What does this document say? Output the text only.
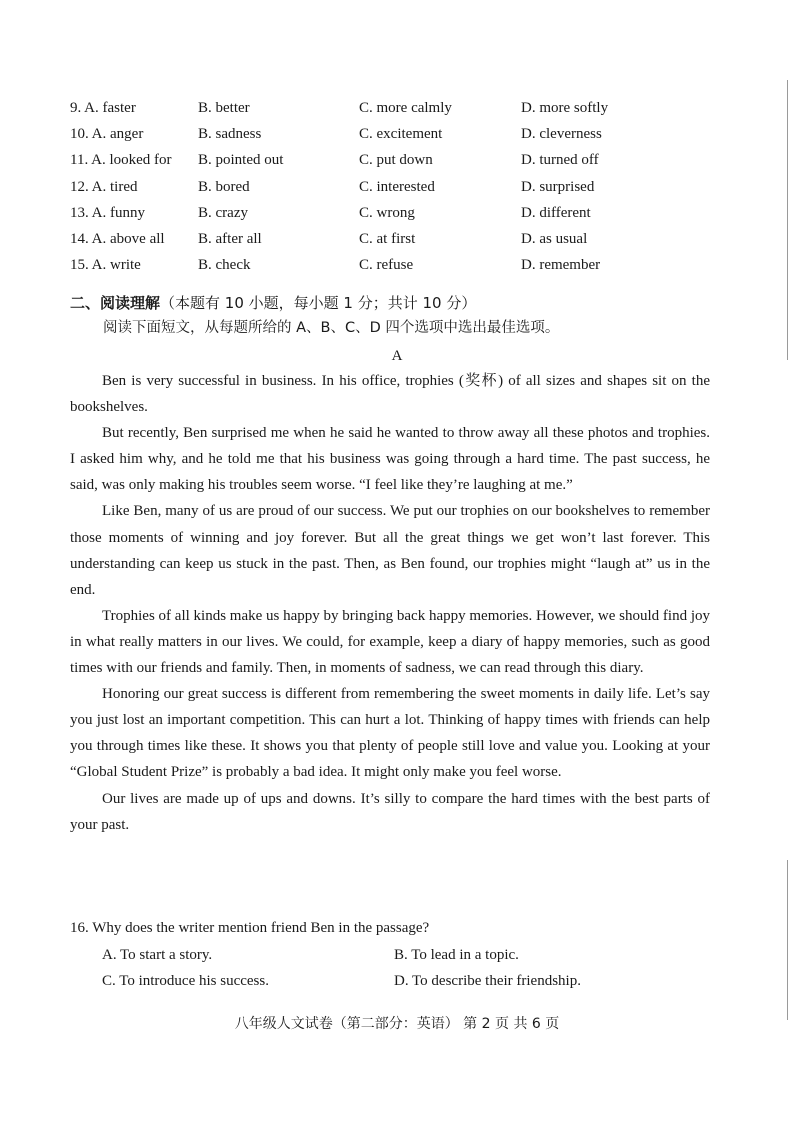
9. A. faster	B. better	C. more calmly	D. more softly
10. A. anger	B. sadness	C. excitement	D. cleverness
11. A. looked for B. pointed out	C. put down	D. turned off
12. A. tired	B. bored	C. interested	D. surprised
13. A. funny	B. crazy	C. wrong	D. different
14. A. above all B. after all	C. at first	D. as usual
15. A. write	B. check	C. refuse	D. remember
二、阅读理解（本题有 10 小题，每小题 1 分；共计 10 分）
阅读下面短文，从每题所给的 A、B、C、D 四个选项中选出最佳选项。
A

Ben is very successful in business. In his office, trophies (奖杯) of all sizes and shapes sit on the bookshelves.

But recently, Ben surprised me when he said he wanted to throw away all these photos and trophies. I asked him why, and he told me that his business was going through a hard time. The past success, he said, was only making his troubles seem worse. “I feel like they’re laughing at me.”

Like Ben, many of us are proud of our success. We put our trophies on our bookshelves to remember those moments of winning and joy forever. But all the great things we get won’t last forever. This understanding can keep us stuck in the past. Then, as Ben found, our trophies might “laugh at” us in the end.

Trophies of all kinds make us happy by bringing back happy memories. However, we should find joy in what really matters in our lives. We could, for example, keep a diary of happy memories, such as good times with our friends and family. Then, in moments of sadness, we can read through this diary.

Honoring our great success is different from remembering the sweet moments in daily life. Let’s say you just lost an important competition. This can hurt a lot. Thinking of happy times with friends can help you through times like these. It shows you that plenty of people still love and value you. Looking at your “Global Student Prize” is probably a bad idea. It might only make you feel worse.

Our lives are made up of ups and downs. It’s silly to compare the hard times with the best parts of your past.

16. Why does the writer mention friend Ben in the passage?
A. To start a story.	B. To lead in a topic.
C. To introduce his success.	D. To describe their friendship.
八年级人文试卷（第二部分：英语） 第 2 页 共 6 页
